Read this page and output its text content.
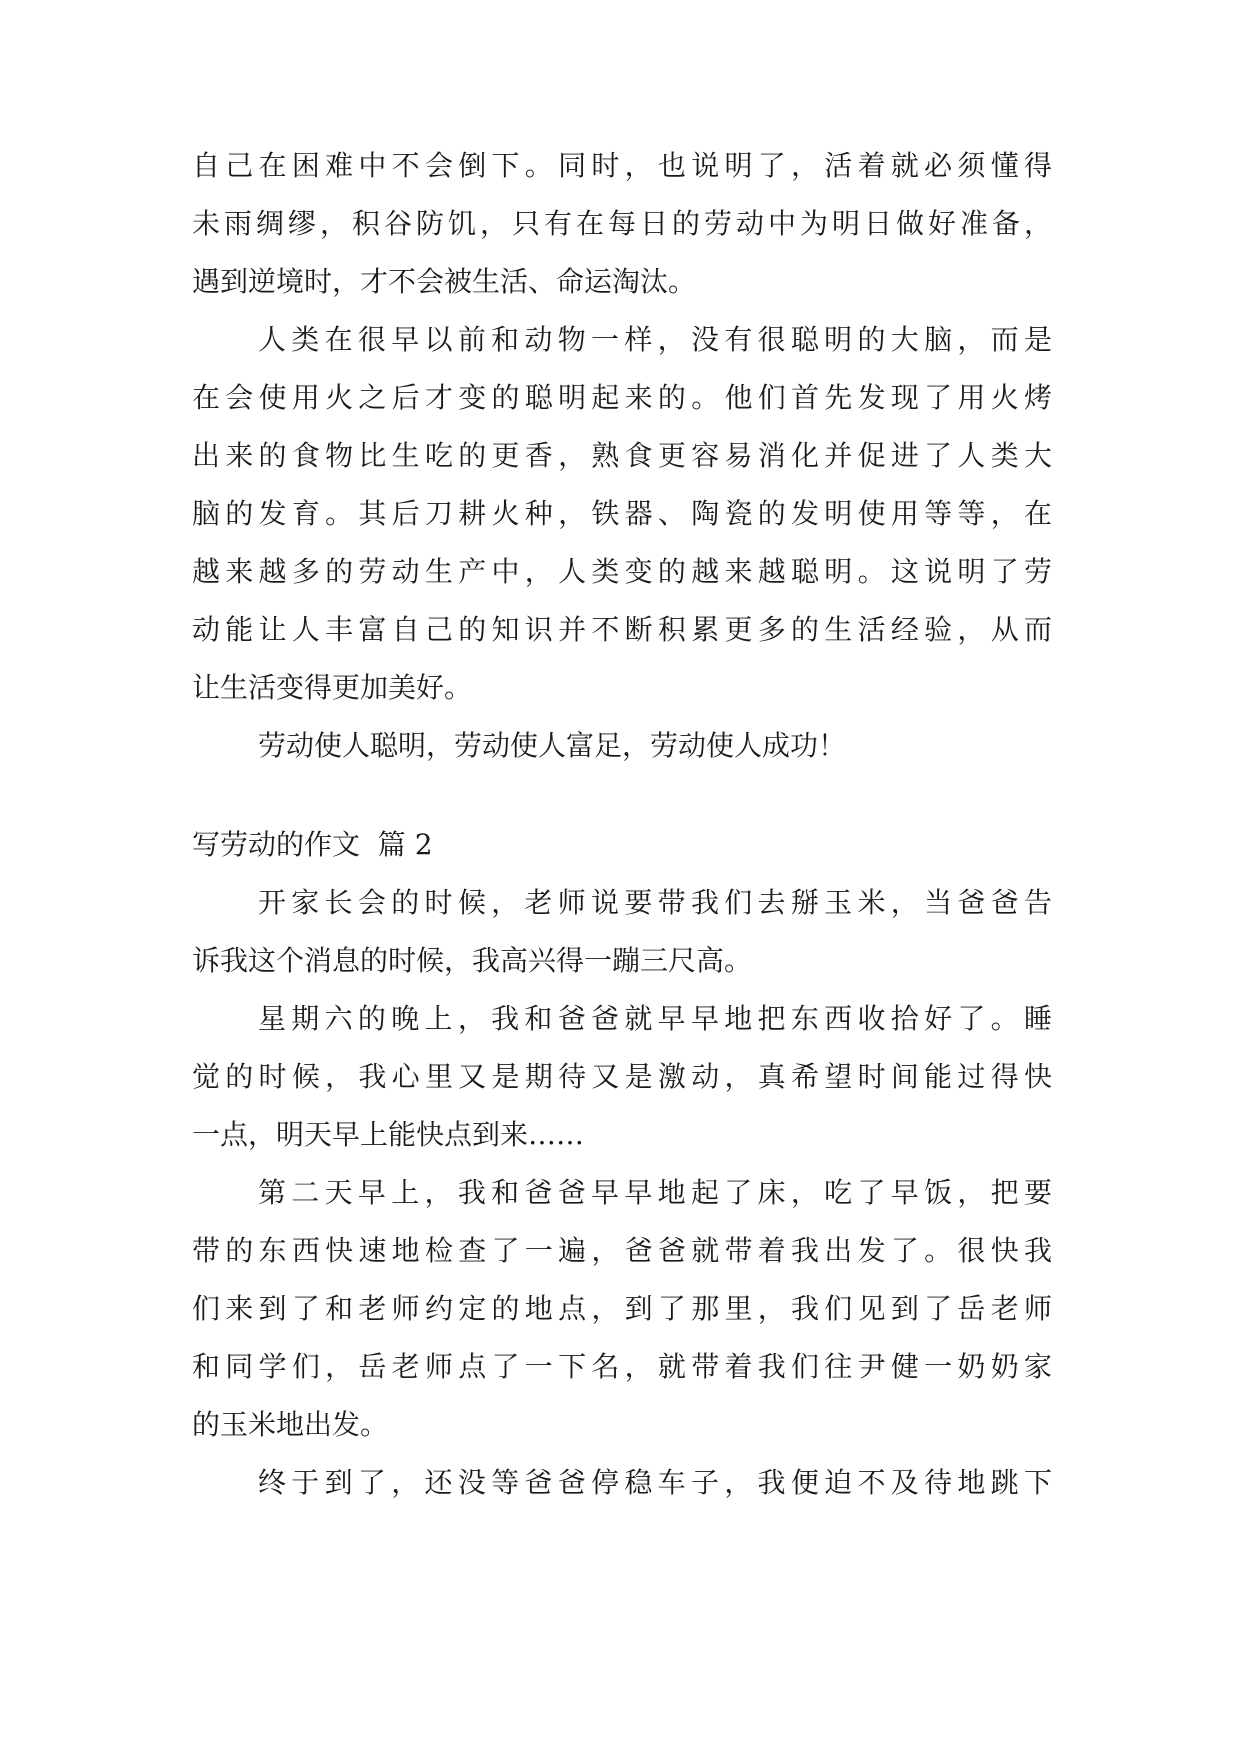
自己在困难中不会倒下。同时，也说明了，活着就必须懂得
未雨绸缪，积谷防饥，只有在每日的劳动中为明日做好准备，
遇到逆境时，才不会被生活、命运淘汰。
人类在很早以前和动物一样，没有很聪明的大脑，而是
在会使用火之后才变的聪明起来的。他们首先发现了用火烤
出来的食物比生吃的更香，熟食更容易消化并促进了人类大
脑的发育。其后刀耕火种，铁器、陶瓷的发明使用等等，在
越来越多的劳动生产中，人类变的越来越聪明。这说明了劳
动能让人丰富自己的知识并不断积累更多的生活经验，从而
让生活变得更加美好。
劳动使人聪明，劳动使人富足，劳动使人成功！
写劳动的作文  篇 2
开家长会的时候，老师说要带我们去掰玉米，当爸爸告
诉我这个消息的时候，我高兴得一蹦三尺高。
星期六的晚上，我和爸爸就早早地把东西收拾好了。睡
觉的时候，我心里又是期待又是激动，真希望时间能过得快
一点，明天早上能快点到来……
第二天早上，我和爸爸早早地起了床，吃了早饭，把要
带的东西快速地检查了一遍，爸爸就带着我出发了。很快我
们来到了和老师约定的地点，到了那里，我们见到了岳老师
和同学们，岳老师点了一下名，就带着我们往尹健一奶奶家
的玉米地出发。
终于到了，还没等爸爸停稳车子，我便迫不及待地跳下
